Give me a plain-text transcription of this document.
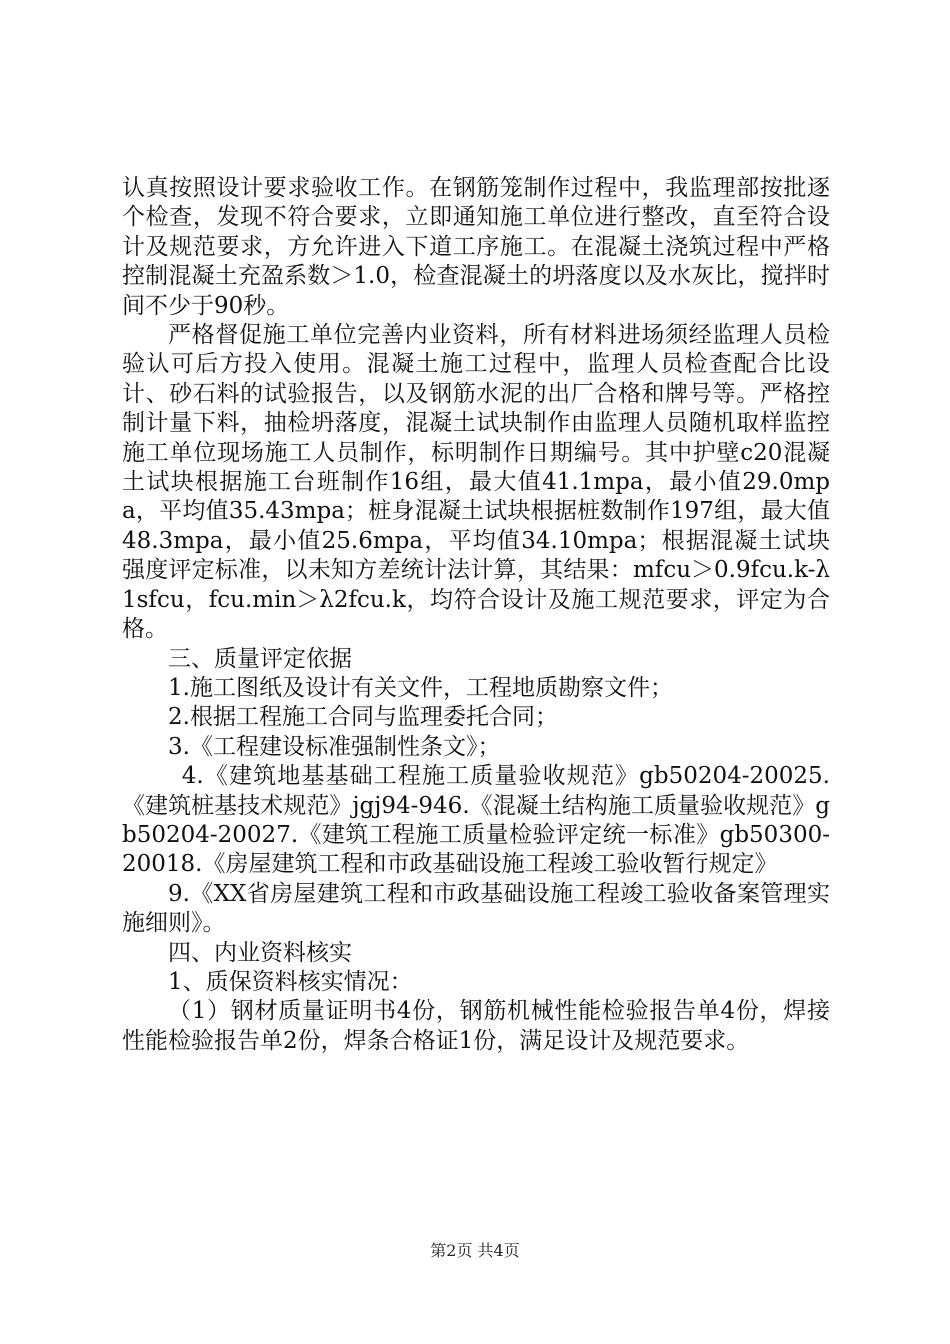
认真按照设计要求验收工作。在钢筋笼制作过程中，我监理部按批逐个检查，发现不符合要求，立即通知施工单位进行整改，直至符合设计及规范要求，方允许进入下道工序施工。在混凝土浇筑过程中严格控制混凝土充盈系数＞1.0，检查混凝土的坍落度以及水灰比，搅拌时间不少于90秒。

严格督促施工单位完善内业资料，所有材料进场须经监理人员检验认可后方投入使用。混凝土施工过程中，监理人员检查配合比设计、砂石料的试验报告，以及钢筋水泥的出厂合格和牌号等。严格控制计量下料，抽检坍落度，混凝土试块制作由监理人员随机取样监控施工单位现场施工人员制作，标明制作日期编号。其中护壁c20混凝土试块根据施工台班制作16组，最大值41.1mpa，最小值29.0mpa，平均值35.43mpa；桩身混凝土试块根据桩数制作197组，最大值48.3mpa，最小值25.6mpa，平均值34.10mpa；根据混凝土试块强度评定标准，以未知方差统计法计算，其结果：mfcu＞0.9fcu.k-λ1sfcu，fcu.min＞λ2fcu.k，均符合设计及施工规范要求，评定为合格。

三、质量评定依据

1.施工图纸及设计有关文件，工程地质勘察文件；

2.根据工程施工合同与监理委托合同；

3.《工程建设标准强制性条文》；

4.《建筑地基基础工程施工质量验收规范》gb50204-20025.《建筑桩基技术规范》jgj94-946.《混凝土结构施工质量验收规范》gb50204-20027.《建筑工程施工质量检验评定统一标准》gb50300-20018.《房屋建筑工程和市政基础设施工程竣工验收暂行规定》

9.《XX省房屋建筑工程和市政基础设施工程竣工验收备案管理实施细则》。

四、内业资料核实

1、质保资料核实情况：

（1）钢材质量证明书4份，钢筋机械性能检验报告单4份，焊接性能检验报告单2份，焊条合格证1份，满足设计及规范要求。

第2页 共4页
